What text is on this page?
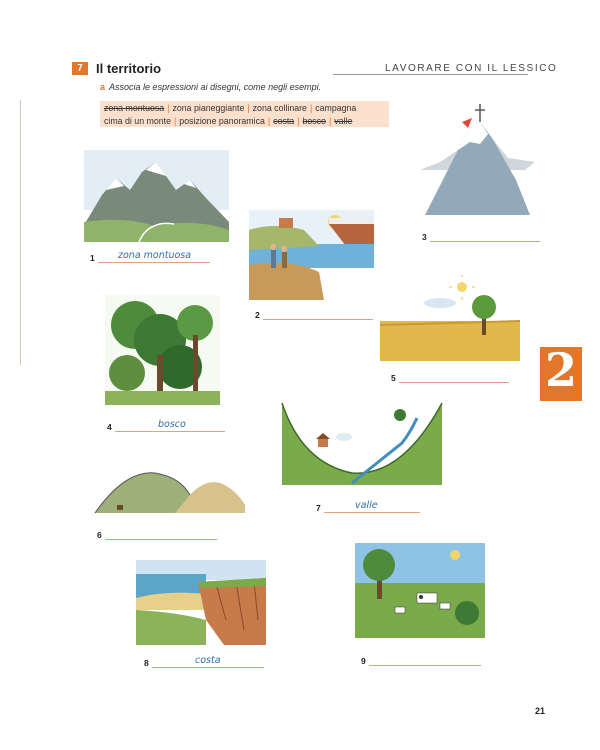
7	Il territorio	LAVORARE CON IL LESSICO
a Associa le espressioni ai disegni, come negli esempi.
zona montuosa | zona pianeggiante | zona collinare | campagna
cima di un monte | posizione panoramica | costa | bosco | valle
1 zona montuosa
2
3
4	bosco
5
6
7	valle
8	costa	9
2
21
